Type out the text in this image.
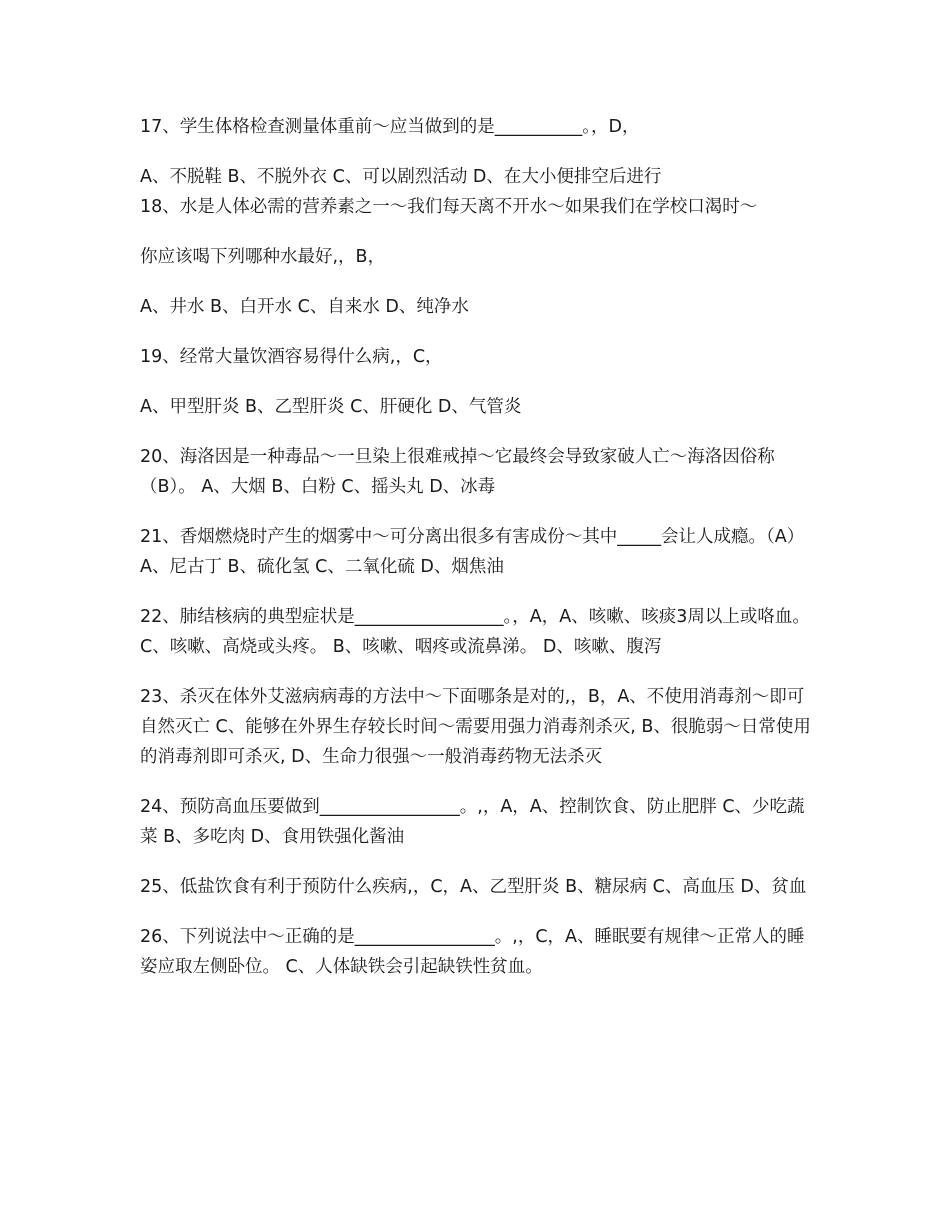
17、学生体格检查测量体重前～应当做到的是__________。，D，

A、不脱鞋 B、不脱外衣 C、可以剧烈活动 D、在大小便排空后进行

18、水是人体必需的营养素之一～我们每天离不开水～如果我们在学校口渴时～

你应该喝下列哪种水最好,，B，

A、井水 B、白开水 C、自来水 D、纯净水

19、经常大量饮酒容易得什么病,，C，

A、甲型肝炎 B、乙型肝炎 C、肝硬化 D、气管炎

20、海洛因是一种毒品～一旦染上很难戒掉～它最终会导致家破人亡～海洛因俗称（B）。 A、大烟 B、白粉 C、摇头丸 D、冰毒

21、香烟燃烧时产生的烟雾中～可分离出很多有害成份～其中_____会让人成瘾。（A）A、尼古丁 B、硫化氢 C、二氧化硫 D、烟焦油

22、肺结核病的典型症状是_________________。，A，A、咳嗽、咳痰3周以上或咯血。 C、咳嗽、高烧或头疼。 B、咳嗽、咽疼或流鼻涕。 D、咳嗽、腹泻

23、杀灭在体外艾滋病病毒的方法中～下面哪条是对的,，B，A、不使用消毒剂～即可自然灭亡 C、能够在外界生存较长时间～需要用强力消毒剂杀灭, B、很脆弱～日常使用的消毒剂即可杀灭, D、生命力很强～一般消毒药物无法杀灭

24、预防高血压要做到________________。,，A，A、控制饮食、防止肥胖 C、少吃蔬菜 B、多吃肉 D、食用铁强化酱油

25、低盐饮食有利于预防什么疾病,，C，A、乙型肝炎 B、糖尿病 C、高血压 D、贫血

26、下列说法中～正确的是________________。,，C，A、睡眠要有规律～正常人的睡姿应取左侧卧位。 C、人体缺铁会引起缺铁性贫血。
